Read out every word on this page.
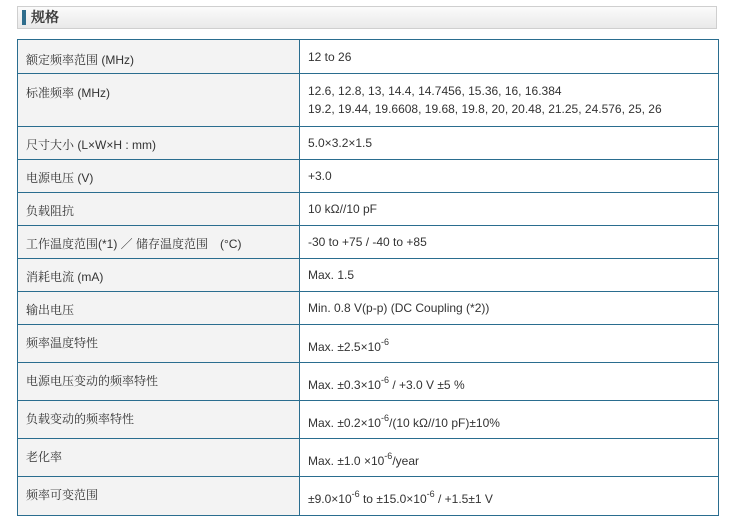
规格
额定频率范围 (MHz)	12 to 26
标准频率 (MHz)	12.6, 12.8, 13, 14.4, 14.7456, 15.36, 16, 16.384
19.2, 19.44, 19.6608, 19.68, 19.8, 20, 20.48, 21.25, 24.576, 25, 26

尺寸大小 (L×W×H : mm)	5.0×3.2×1.5
电源电压 (V)	+3.0
负载阻抗	10 kΩ//10 pF
工作温度范围(*1) ／ 储存温度范围　(°C)	-30 to +75 / -40 to +85
消耗电流 (mA)	Max. 1.5
输出电压	Min. 0.8 V(p-p) (DC Coupling (*2))
频率温度特性	Max. $\pm 2.5\times 10^{-6}$
电源电压变动的频率特性	Max. $\pm 0.3\times 10^{-6} / +3.0$ V ±5 %
负载变动的频率特性	Max. $\pm 0.2\times 10^{-6}/(10$ kΩ//10 pF)±10%
老化率	Max. $\pm 1.0 \times 10^{-6}$/year
频率可变范围	$\pm 9.0\times 10^{-6}$ to $\pm 15.0\times 10^{-6} / +1.5\pm 1$ V
